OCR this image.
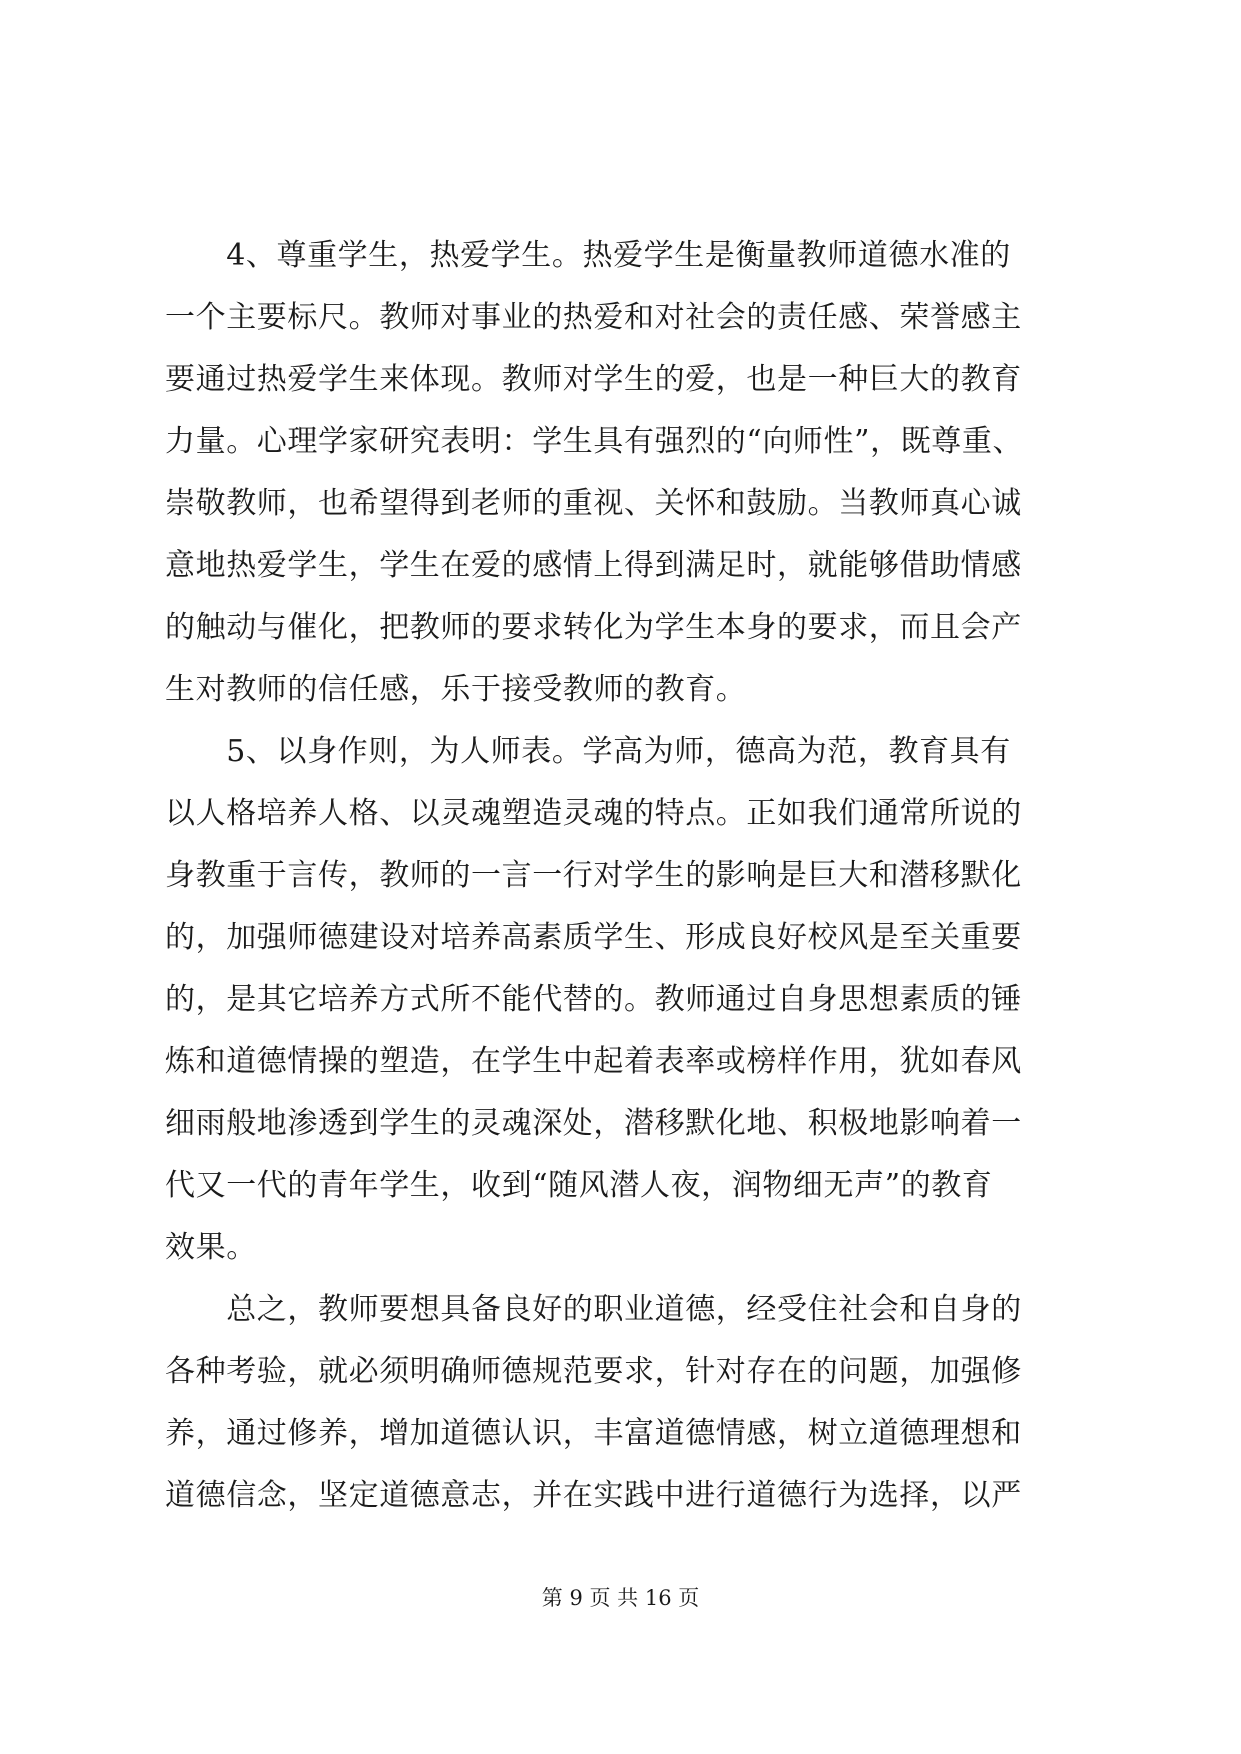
　　4、尊重学生，热爱学生。热爱学生是衡量教师道德水准的
一个主要标尺。教师对事业的热爱和对社会的责任感、荣誉感主
要通过热爱学生来体现。教师对学生的爱，也是一种巨大的教育
力量。心理学家研究表明：学生具有强烈的“向师性”，既尊重、
崇敬教师，也希望得到老师的重视、关怀和鼓励。当教师真心诚
意地热爱学生，学生在爱的感情上得到满足时，就能够借助情感
的触动与催化，把教师的要求转化为学生本身的要求，而且会产
生对教师的信任感，乐于接受教师的教育。
　　5、以身作则，为人师表。学高为师，德高为范，教育具有
以人格培养人格、以灵魂塑造灵魂的特点。正如我们通常所说的
身教重于言传，教师的一言一行对学生的影响是巨大和潜移默化
的，加强师德建设对培养高素质学生、形成良好校风是至关重要
的，是其它培养方式所不能代替的。教师通过自身思想素质的锤
炼和道德情操的塑造，在学生中起着表率或榜样作用，犹如春风
细雨般地渗透到学生的灵魂深处，潜移默化地、积极地影响着一
代又一代的青年学生，收到“随风潜人夜，润物细无声”的教育
效果。
　　总之，教师要想具备良好的职业道德，经受住社会和自身的
各种考验，就必须明确师德规范要求，针对存在的问题，加强修
养，通过修养，增加道德认识，丰富道德情感，树立道德理想和
道德信念，坚定道德意志，并在实践中进行道德行为选择，以严
第 9 页 共 16 页
